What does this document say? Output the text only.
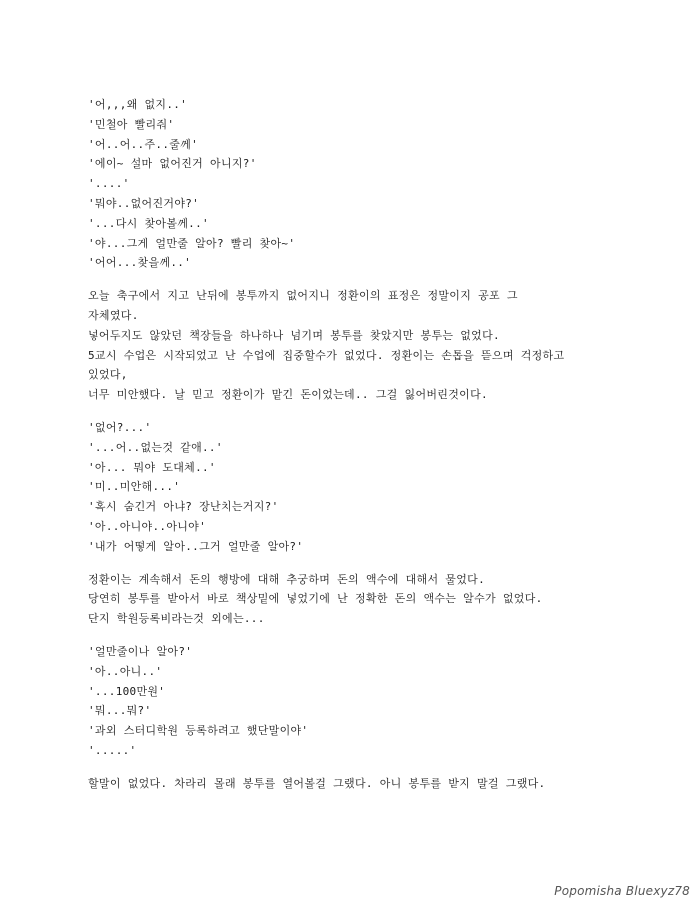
'어,,,왜 없지..'
'민철아 빨리줘'
'어..어..주..줄께'
'에이~ 설마 없어진거 아니지?'
'....'
'뭐야..없어진거야?'
'...다시 찾아볼께..'
'야...그게 얼만줄 알아? 빨리 찾아~'
'어어...찾을께..'
오늘 축구에서 지고 난뒤에 봉투까지 없어지니 정환이의 표정은 정말이지 공포 그
자체였다.
넣어두지도 않았던 책장들을 하나하나 넘기며 봉투를 찾았지만 봉투는 없었다.
5교시 수업은 시작되었고 난 수업에 집중할수가 없었다. 정환이는 손톱을 뜯으며 걱정하고
있었다,
너무 미안했다. 날 믿고 정환이가 맡긴 돈이었는데.. 그걸 잃어버린것이다.
'없어?...'
'...어..없는것 같애..'
'아... 뭐야 도대체..'
'미..미안해...'
'혹시 숨긴거 아냐? 장난치는거지?'
'아..아니야..아니야'
'내가 어떻게 알아..그거 얼만줄 알아?'
정환이는 계속해서 돈의 행방에 대해 추궁하며 돈의 액수에 대해서 물었다.
당연히 봉투를 받아서 바로 책상밑에 넣었기에 난 정확한 돈의 액수는 알수가 없었다.
단지 학원등록비라는것 외에는...
'얼만줄이나 알아?'
'아..아니..'
'...100만원'
'뭐...뭐?'
'과외 스터디학원 등록하려고 했단말이야'
'.....'
할말이 없었다. 차라리 몰래 봉투를 열어볼걸 그랬다. 아니 봉투를 받지 말걸 그랬다.
Popomisha Bluexyz78
